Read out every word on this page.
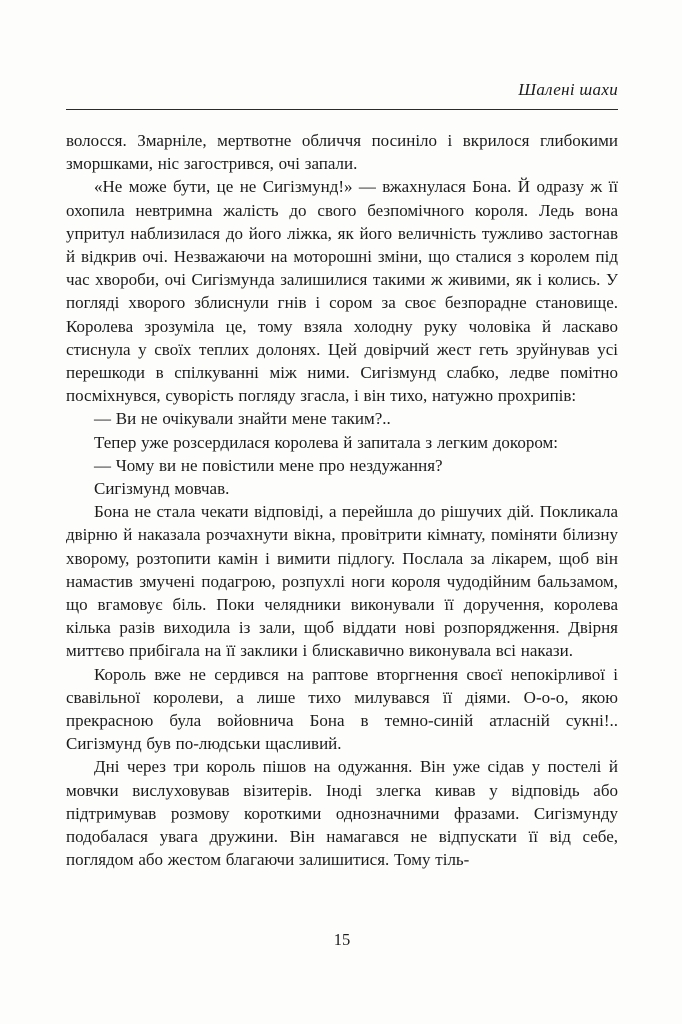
Шалені шахи

волосся. Змарніле, мертвотне обличчя посиніло і вкрилося глибокими зморшками, ніс загострився, очі запали.

«Не може бути, це не Сигізмунд!» — вжахнулася Бона. Й одразу ж її охопила невтримна жалість до свого безпомічного короля. Ледь вона упритул наблизилася до його ліжка, як його величність тужливо застогнав й відкрив очі. Незважаючи на моторошні зміни, що сталися з королем під час хвороби, очі Сигізмунда залишилися такими ж живими, як і колись. У погляді хворого зблиснули гнів і сором за своє безпорадне становище. Королева зрозуміла це, тому взяла холодну руку чоловіка й ласкаво стиснула у своїх теплих долонях. Цей довірчий жест геть зруйнував усі перешкоди в спілкуванні між ними. Сигізмунд слабко, ледве помітно посміхнувся, суворість погляду згасла, і він тихо, натужно прохрипів:

— Ви не очікували знайти мене таким?..

Тепер уже розсердилася королева й запитала з легким докором:

— Чому ви не повістили мене про нездужання?

Сигізмунд мовчав.

Бона не стала чекати відповіді, а перейшла до рішучих дій. Покликала двірню й наказала розчахнути вікна, провітрити кімнату, поміняти білизну хворому, розтопити камін і вимити підлогу. Послала за лікарем, щоб він намастив змучені подагрою, розпухлі ноги короля чудодійним бальзамом, що вгамовує біль. Поки челядники виконували її доручення, королева кілька разів виходила із зали, щоб віддати нові розпорядження. Двірня миттєво прибігала на її заклики і блискавично виконувала всі накази.

Король вже не сердився на раптове вторгнення своєї непокірливої і свавільної королеви, а лише тихо милувався її діями. О-о-о, якою прекрасною була войовнича Бона в темно-синій атласній сукні!.. Сигізмунд був по-людськи щасливий.

Дні через три король пішов на одужання. Він уже сідав у постелі й мовчки вислуховував візитерів. Іноді злегка кивав у відповідь або підтримував розмову короткими однозначними фразами. Сигізмунду подобалася увага дружини. Він намагався не відпускати її від себе, поглядом або жестом благаючи залишитися. Тому тіль-

15
